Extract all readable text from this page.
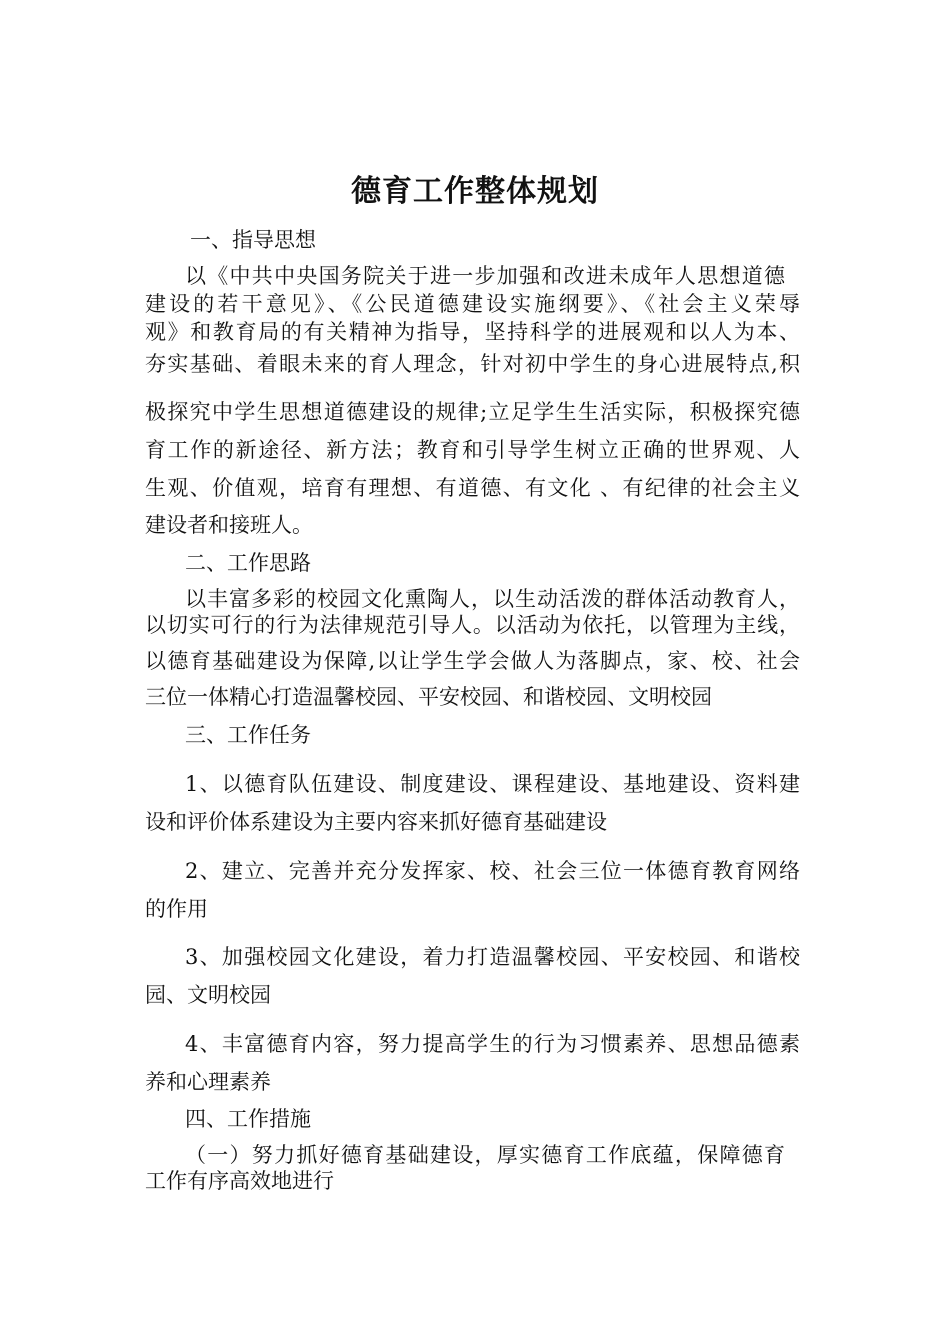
德育工作整体规划
一、指导思想
以《中共中央国务院关于进一步加强和改进未成年人思想道德
建设的若干意见》、《公民道德建设实施纲要》、《社会主义荣辱
观》和教育局的有关精神为指导，坚持科学的进展观和以人为本、
夯实基础、着眼未来的育人理念，针对初中学生的身心进展特点,积
极探究中学生思想道德建设的规律;立足学生生活实际，积极探究德
育工作的新途径、新方法；教育和引导学生树立正确的世界观、人
生观、价值观，培育有理想、有道德、有文化 、有纪律的社会主义
建设者和接班人。
二、工作思路
以丰富多彩的校园文化熏陶人，以生动活泼的群体活动教育人，
以切实可行的行为法律规范引导人。以活动为依托，以管理为主线，
以德育基础建设为保障,以让学生学会做人为落脚点，家、校、社会
三位一体精心打造温馨校园、平安校园、和谐校园、文明校园
三、工作任务
1、以德育队伍建设、制度建设、课程建设、基地建设、资料建
设和评价体系建设为主要内容来抓好德育基础建设
2、建立、完善并充分发挥家、校、社会三位一体德育教育网络
的作用
3、加强校园文化建设，着力打造温馨校园、平安校园、和谐校
园、文明校园
4、丰富德育内容，努力提高学生的行为习惯素养、思想品德素
养和心理素养
四、工作措施
（一）努力抓好德育基础建设，厚实德育工作底蕴，保障德育
工作有序高效地进行
